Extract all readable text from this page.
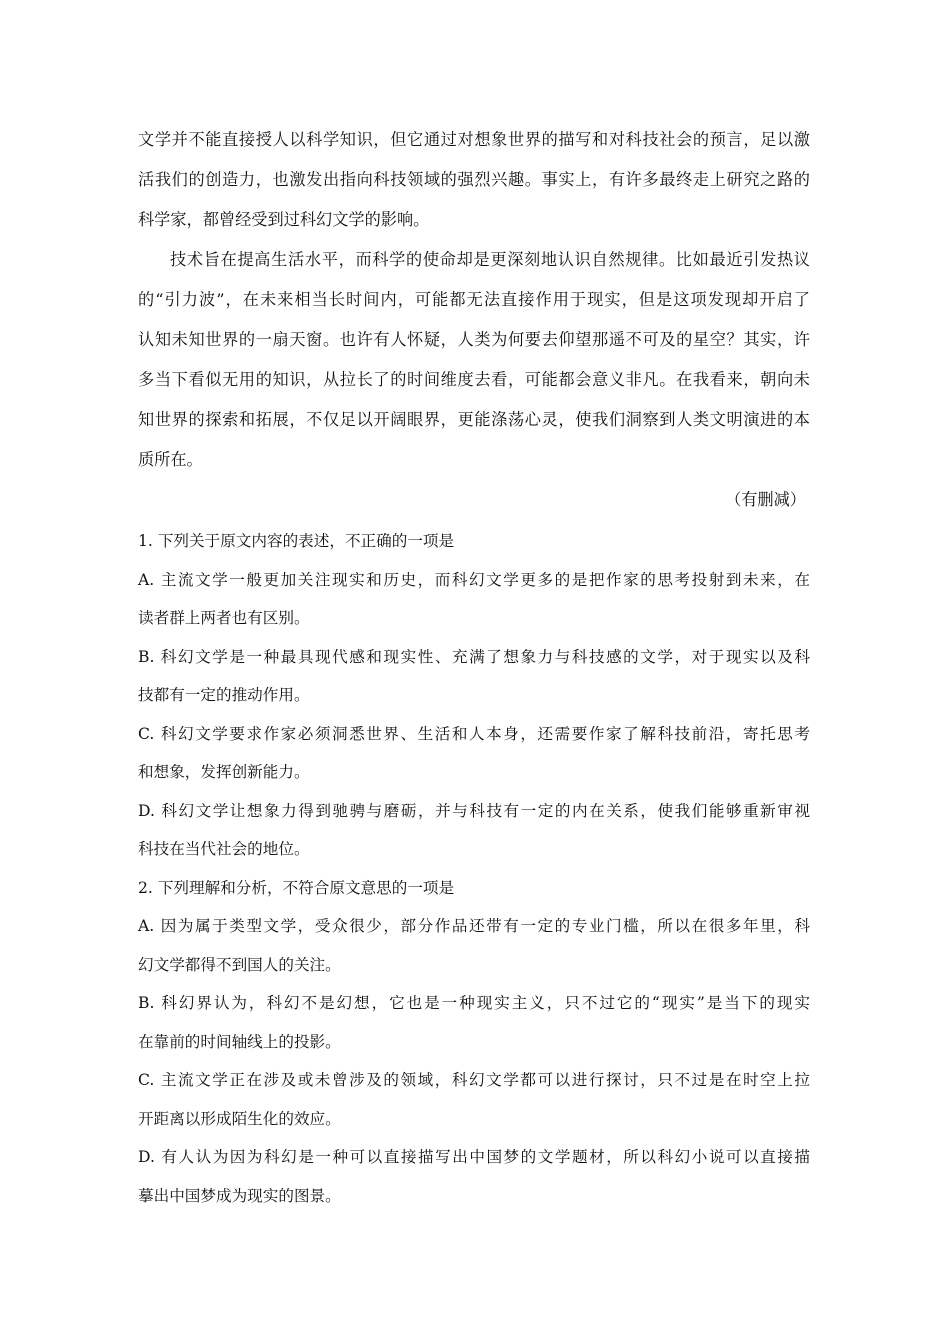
文学并不能直接授人以科学知识，但它通过对想象世界的描写和对科技社会的预言，足以激
活我们的创造力，也激发出指向科技领域的强烈兴趣。事实上，有许多最终走上研究之路的
科学家，都曾经受到过科幻文学的影响。
技术旨在提高生活水平，而科学的使命却是更深刻地认识自然规律。比如最近引发热议
的“引力波”，在未来相当长时间内，可能都无法直接作用于现实，但是这项发现却开启了
认知未知世界的一扇天窗。也许有人怀疑，人类为何要去仰望那遥不可及的星空？其实，许
多当下看似无用的知识，从拉长了的时间维度去看，可能都会意义非凡。在我看来，朝向未
知世界的探索和拓展，不仅足以开阔眼界，更能涤荡心灵，使我们洞察到人类文明演进的本
质所在。
（有删减）
1. 下列关于原文内容的表述，不正确的一项是
A. 主流文学一般更加关注现实和历史，而科幻文学更多的是把作家的思考投射到未来，在
读者群上两者也有区别。
B. 科幻文学是一种最具现代感和现实性、充满了想象力与科技感的文学，对于现实以及科
技都有一定的推动作用。
C. 科幻文学要求作家必须洞悉世界、生活和人本身，还需要作家了解科技前沿，寄托思考
和想象，发挥创新能力。
D. 科幻文学让想象力得到驰骋与磨砺，并与科技有一定的内在关系，使我们能够重新审视
科技在当代社会的地位。
2. 下列理解和分析，不符合原文意思的一项是
A. 因为属于类型文学，受众很少，部分作品还带有一定的专业门槛，所以在很多年里，科
幻文学都得不到国人的关注。
B. 科幻界认为，科幻不是幻想，它也是一种现实主义，只不过它的“现实”是当下的现实
在靠前的时间轴线上的投影。
C. 主流文学正在涉及或未曾涉及的领域，科幻文学都可以进行探讨，只不过是在时空上拉
开距离以形成陌生化的效应。
D. 有人认为因为科幻是一种可以直接描写出中国梦的文学题材，所以科幻小说可以直接描
摹出中国梦成为现实的图景。
